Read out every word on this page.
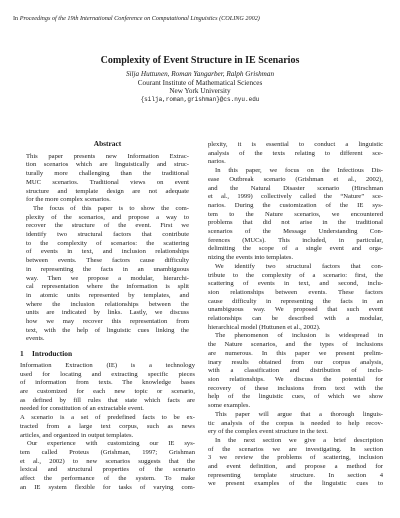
In Proceedings of the 19th International Conference on Computational Linguistics (COLING 2002)
Complexity of Event Structure in IE Scenarios
Silja Huttunen, Roman Yangarber, Ralph Grishman
Courant Institute of Mathematical Sciences
New York University
{silja,roman,grishman}@cs.nyu.edu
Abstract
This paper presents new Information Extrac-
tion scenarios which are linguistically and struc-
turally more challenging than the traditional
MUC scenarios. Traditional views on event
structure and template design are not adequate
for the more complex scenarios.
The focus of this paper is to show the com-
plexity of the scenarios, and propose a way to
recover the structure of the event. First we
identify two structural factors that contribute
to the complexity of scenarios: the scattering
of events in text, and inclusion relationships
between events. These factors cause difficulty
in representing the facts in an unambiguous
way. Then we propose a modular, hierarchi-
cal representation where the information is split
in atomic units represented by templates, and
where the inclusion relationships between the
units are indicated by links. Lastly, we discuss
how we may recover this representation from
text, with the help of linguistic cues linking the
events.
1 Introduction
Information Extraction (IE) is a technology
used for locating and extracting specific pieces
of information from texts. The knowledge bases
are customized for each new topic or scenario,
as defined by fill rules that state which facts are
needed for constitution of an extractable event.
A scenario is a set of predefined facts to be ex-
tracted from a large text corpus, such as news
articles, and organized in output templates.
Our experience with customizing our IE sys-
tem called Proteus (Grishman, 1997; Grishman
et al., 2002) to new scenarios suggests that the
lexical and structural properties of the scenario
affect the performance of the system. To make
an IE system flexible for tasks of varying com-
plexity, it is essential to conduct a linguistic
analysis of the texts relating to different sce-
narios.
In this paper, we focus on the Infectious Dis-
ease Outbreak scenario (Grishman et al., 2002),
and the Natural Disaster scenario (Hirschman
et al., 1999) collectively called the “Nature” sce-
narios. During the customization of the IE sys-
tem to the Nature scenarios, we encountered
problems that did not arise in the traditional
scenarios of the Message Understanding Con-
ferences (MUCs). This included, in particular,
delimiting the scope of a single event and orga-
nizing the events into templates.
We identify two structural factors that con-
tribute to the complexity of a scenario: first, the
scattering of events in text, and second, inclu-
sion relationships between events. These factors
cause difficulty in representing the facts in an
unambiguous way. We proposed that such event
relationships can be described with a modular,
hierarchical model (Huttunen et al., 2002).
The phenomenon of inclusion is widespread in
the Nature scenarios, and the types of inclusions
are numerous. In this paper we present prelim-
inary results obtained from our corpus analysis,
with a classification and distribution of inclu-
sion relationships. We discuss the potential for
recovery of these inclusions from text with the
help of the linguistic cues, of which we show
some examples.
This paper will argue that a thorough linguis-
tic analysis of the corpus is needed to help recov-
ery of the complex event structure in the text.
In the next section we give a brief description
of the scenarios we are investigating. In section
3 we review the problems of scattering, inclusion
and event definition, and propose a method for
representing template structure. In section 4
we present examples of the linguistic cues to
